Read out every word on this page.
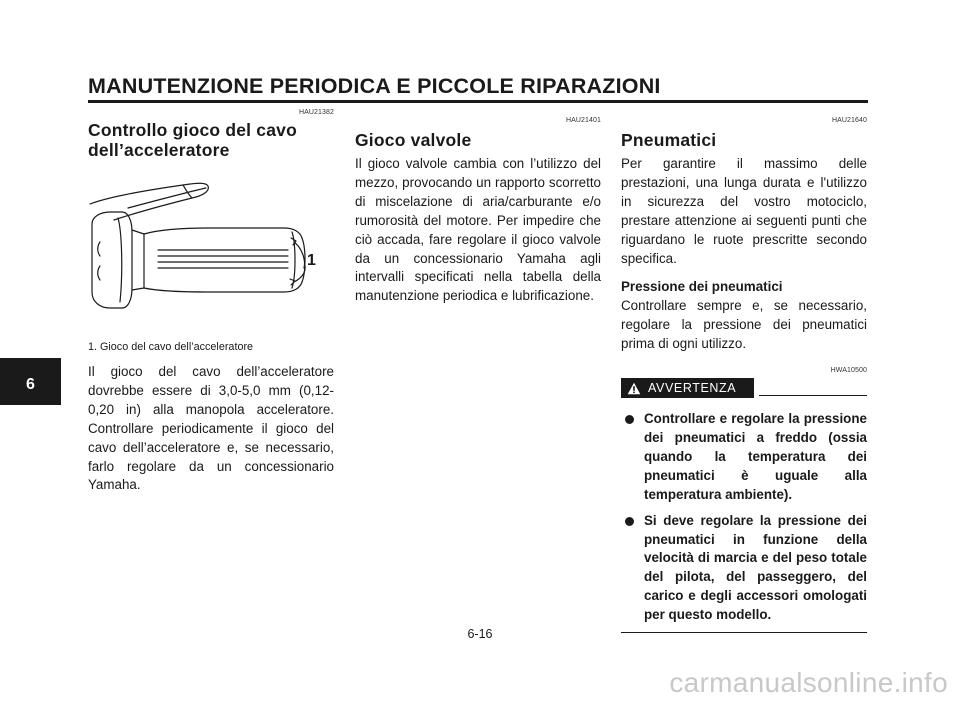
MANUTENZIONE PERIODICA E PICCOLE RIPARAZIONI
6
HAU21382
Controllo gioco del cavo dell’acceleratore
1
1. Gioco del cavo dell’acceleratore

Il gioco del cavo dell’acceleratore dovrebbe essere di 3,0-5,0 mm (0,12-0,20 in) alla manopola acceleratore. Controllare periodicamente il gioco del cavo dell’acceleratore e, se necessario, farlo regolare da un concessionario Yamaha.

HAU21401
Gioco valvole

Il gioco valvole cambia con l’utilizzo del mezzo, provocando un rapporto scorretto di miscelazione di aria/carburante e/o rumorosità del motore. Per impedire che ciò accada, fare regolare il gioco valvole da un concessionario Yamaha agli intervalli specificati nella tabella della manutenzione periodica e lubrificazione.

HAU21640
Pneumatici

Per garantire il massimo delle prestazioni, una lunga durata e l'utilizzo in sicurezza del vostro motociclo, prestare attenzione ai seguenti punti che riguardano le ruote prescritte secondo specifica.

Pressione dei pneumatici

Controllare sempre e, se necessario, regolare la pressione dei pneumatici prima di ogni utilizzo.

HWA10500
AVVERTENZA
Controllare e regolare la pressione dei pneumatici a freddo (ossia quando la temperatura dei pneumatici è uguale alla temperatura ambiente).
Si deve regolare la pressione dei pneumatici in funzione della velocità di marcia e del peso totale del pilota, del passeggero, del carico e degli accessori omologati per questo modello.
6-16
carmanualsonline.info
